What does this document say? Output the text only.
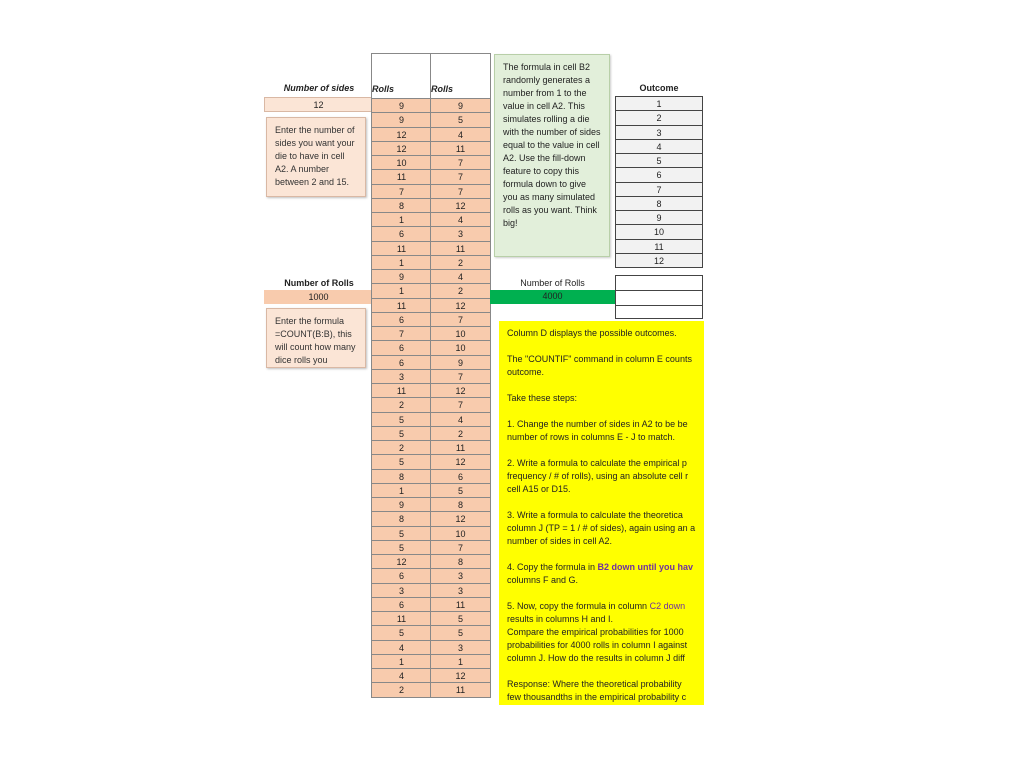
Number of sides
12
Enter the number of sides you want your die to have in cell A2. A number between 2 and 15.
Number of Rolls
1000
Enter the formula =COUNT(B:B), this will count how many dice rolls you
Rolls
9
9
12
12
10
11
7
8
1
6
11
1
9
1
11
6
7
6
6
3
11
2
5
5
2
5
8
1
9
8
5
5
12
6
3
6
11
5
4
1
4
2
Rolls
9
5
4
11
7
7
7
12
4
3
11
2
4
2
12
7
10
10
9
7
12
7
4
2
11
12
6
5
8
12
10
7
8
3
3
11
5
5
3
1
12
11
The formula in cell B2 randomly generates a number from 1 to the value in cell A2. This simulates rolling a die with the number of sides equal to the value in cell A2. Use the fill-down feature to copy this formula down to give you as many simulated rolls as you want. Think big!
Outcome
1
2
3
4
5
6
7
8
9
10
11
12
Number of Rolls
4000

Column D displays the possible outcomes.

The "COUNTIF" command in column E counts
outcome.

Take these steps:

1. Change the number of sides in A2 to be be
number of rows in columns E - J to match.

2. Write a formula to calculate the empirical p
frequency / # of rolls), using an absolute cell r
cell A15 or D15.

3. Write a formula to calculate the theoretica
column J (TP = 1 / # of sides), again using an a
number of sides in cell A2.

4. Copy the formula in B2 down until you hav
columns F and G.

5. Now, copy the formula in column C2 down
results in columns H and I.
Compare the empirical probabilities for 1000
probabilities for 4000 rolls in column I against
column J. How do the results in column J diff

Response: Where the theoretical probability
few thousandths in the empirical probability c
